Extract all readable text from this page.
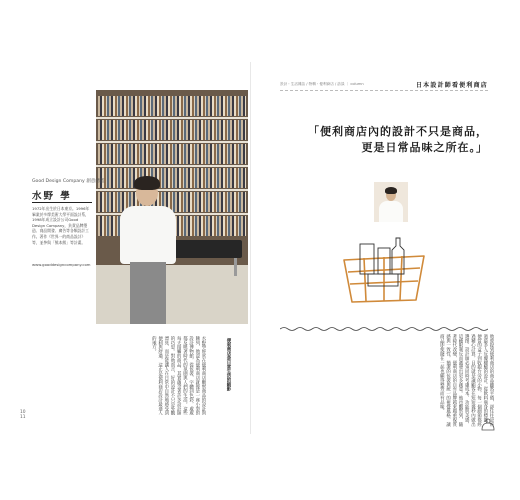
Good Design Company 創意總監
水野 學
1972年出生於日本東京。1996年畢業於多摩美術大學平面設計系，1998年成立設計公司Good Design Company，負責品牌塑造、商品開發、廣告等各類設計工作。著作《世界一的商品設計》等，並參與「熊本熊」等計畫。
www.gooddesigncompany.com
便利商店是日常生活的縮影
水野學經常在便利商店觀察商品的設計與陳列，他認為便利商店就像是一座小型的設計博物館，從包裝、字體到色彩，處處都反映著時代的氛圍與人們的生活。這些每天接觸的商品，其實蘊含著許多設計師的巧思。對他而言，好的設計不只是外觀漂亮，而是能讓人在日常中自然地感受到便利與舒適，這正是便利商店設計最迷人的地方。
10
11
設計・生活雜誌 / 特輯・便利商店 / 訪談 ｜ column	日本設計師看便利商店
「便利商店內的設計不只是商品，更是日常品味之所在。」
他曾提到便利商店的商品雖然平價，卻往往是經過最多人反覆檢驗的設計。從飲料瓶身的標籤、便當的盒子到收銀台旁的小物，每一個細節都經過精心計算，目的就是讓顧客在短短幾秒內做出選擇。設計師必須同時考慮成本、功能與美感，這種限制反而激發出更多創意。他也觀察到，隨著時代改變，便利商店的自有品牌越來越重視質感與一致性，簡潔的包裝與統一的視覺風格，讓商品即使擺在一起也顯得整齊而有品味。
